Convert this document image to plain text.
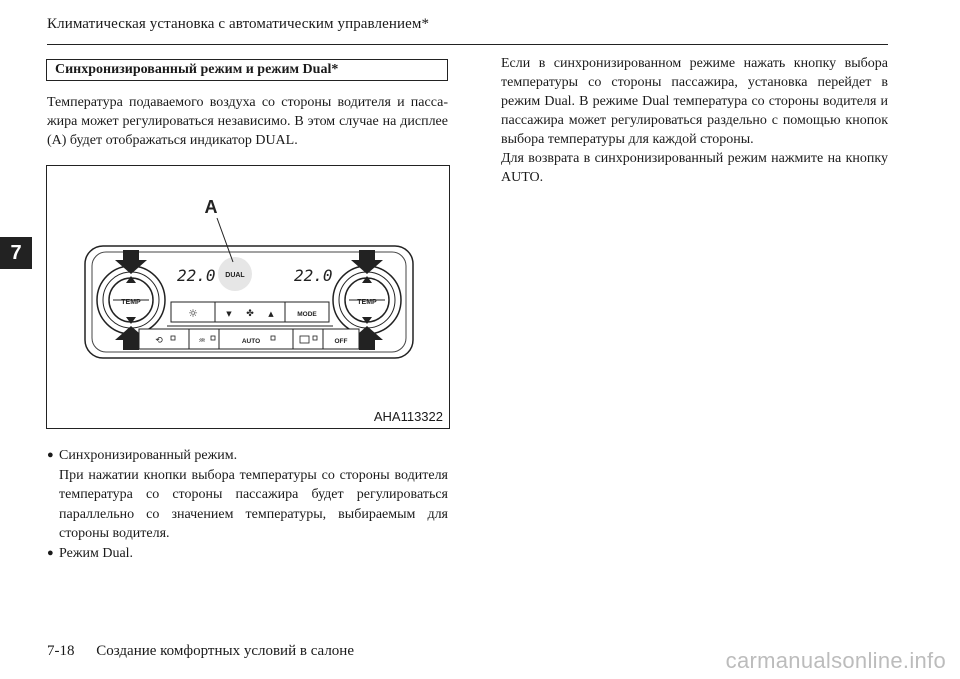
Климатическая установка с автоматическим управлением*
7
Синхронизированный режим и режим Dual*

Температура подаваемого воздуха со стороны водителя и пассажира может регулироваться независимо. В этом случае на дисплее (A) будет отображаться индикатор DUAL.

TEMP	TEMP
22.0	22.0
DUAL
A
☼	▼ ✤ ▲	MODE
⟲	♒	AUTO	OFF
AHA113322
● Синхронизированный режим.

При нажатии кнопки выбора температуры со стороны водителя температура со стороны пассажира будет регулироваться параллельно со значением температуры, выбираемым для стороны водителя.

● Режим Dual.

Если в синхронизированном режиме нажать кнопку выбора температуры со стороны пассажира, установка перейдет в режим Dual. В режиме Dual температура со стороны водителя и пассажира может регулироваться раздельно с помощью кнопок выбора температуры для каждой стороны.

Для возврата в синхронизированный режим нажмите на кнопку AUTO.

7-18 Создание комфортных условий в салоне	carmanualsonline.info
